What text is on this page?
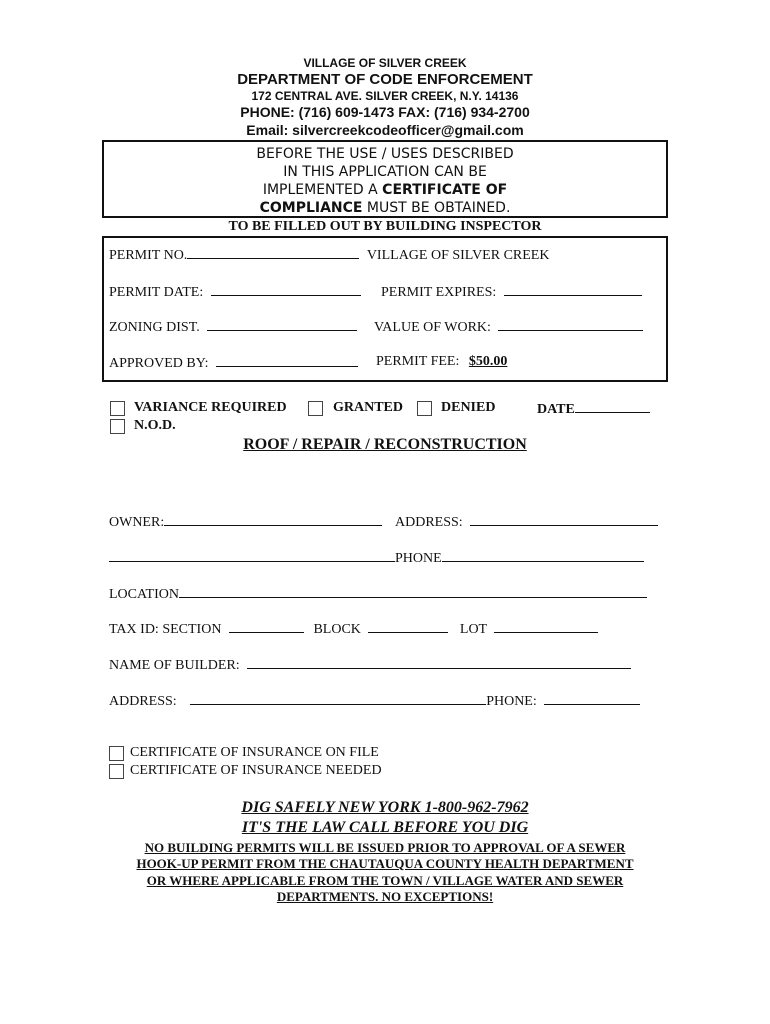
VILLAGE OF SILVER CREEK
DEPARTMENT OF CODE ENFORCEMENT
172 CENTRAL AVE. SILVER CREEK, N.Y. 14136
PHONE: (716) 609-1473 FAX: (716) 934-2700
Email: silvercreekcodeofficer@gmail.com
BEFORE THE USE / USES DESCRIBED
IN THIS APPLICATION CAN BE
IMPLEMENTED A CERTIFICATE OF
COMPLIANCE MUST BE OBTAINED.
TO BE FILLED OUT BY BUILDING INSPECTOR
PERMIT NO.	VILLAGE OF SILVER CREEK
PERMIT DATE:	PERMIT EXPIRES:
ZONING DIST.	VALUE OF WORK:
APPROVED BY:	PERMIT FEE: $50.00
VARIANCE REQUIRED	GRANTED	DENIED	DATE
N.O.D.
ROOF / REPAIR / RECONSTRUCTION
OWNER:	ADDRESS:
PHONE
LOCATION
TAX ID: SECTION	BLOCK	LOT
NAME OF BUILDER:
ADDRESS:	PHONE:
CERTIFICATE OF INSURANCE ON FILE
CERTIFICATE OF INSURANCE NEEDED
DIG SAFELY NEW YORK 1-800-962-7962
IT'S THE LAW CALL BEFORE YOU DIG
NO BUILDING PERMITS WILL BE ISSUED PRIOR TO APPROVAL OF A SEWER
HOOK-UP PERMIT FROM THE CHAUTAUQUA COUNTY HEALTH DEPARTMENT
OR WHERE APPLICABLE FROM THE TOWN / VILLAGE WATER AND SEWER
DEPARTMENTS. NO EXCEPTIONS!
